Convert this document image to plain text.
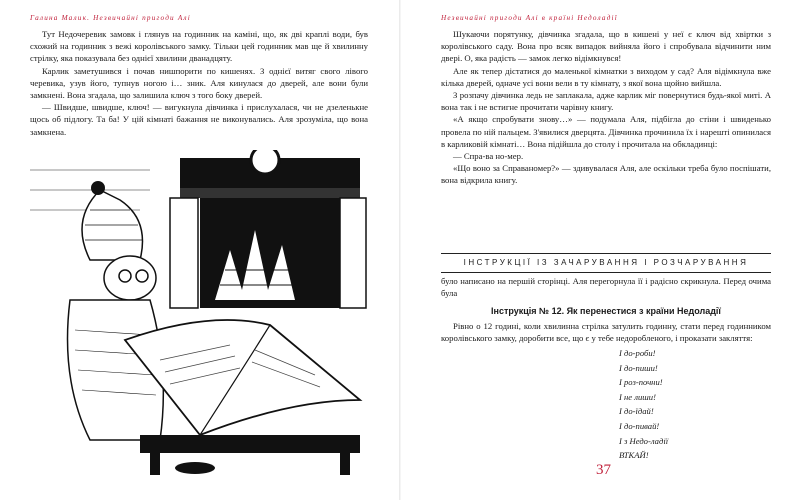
Галина Малик. Незвичайні пригоди Алі

Тут Недочеревик замовк і глянув на годинник на каміні, що, як дві краплі води, був схожий на годинник з вежі королівського замку. Тільки цей годинник мав ще й хвилинну стрілку, яка показувала без однієї хвилини дванадцяту.

Карлик заметушився і почав нишпорити по кишенях. З однієї витяг свого лівого черевика, узув його, тупнув ногою і… зник. Аля кинулася до дверей, але вони були замкнені. Вона згадала, що залишила ключ з того боку дверей.

— Швидше, швидше, ключ! — вигукнула дівчинка і прислухалася, чи не дзеленькне щось об підлогу. Та ба! У цій кімнаті бажання не виконувались. Аля зрозуміла, що вона замкнена.

Незвичайні пригоди Алі в країні Недоладії

Шукаючи порятунку, дівчинка згадала, що в кишені у неї є ключ від хвіртки з королівського саду. Вона про всяк випадок вийняла його і спробувала відчинити ним двері. О, яка радість — замок легко відімкнувся!

Але як тепер дістатися до маленької кімнатки з виходом у сад? Аля відімкнула вже кілька дверей, одначе усі вони вели в ту кімнату, з якої вона щойно вийшла.

З розпачу дівчинка ледь не заплакала, адже карлик міг повернутися будь-якої миті. А вона так і не встигне прочитати чарівну книгу.

«А якщо спробувати знову…» — подумала Аля, підбігла до стіни і швиденько провела по ній пальцем. З'явилися дверцята. Дівчинка прочинила їх і нарешті опинилася в карликовій кімнаті… Вона підійшла до столу і прочитала на обкладинці:

— Спра-ва но-мер.

«Що воно за Справаномер?» — здивувалася Аля, але оскільки треба було поспішати, вона відкрила книгу.

ІНСТРУКЦІЇ ІЗ ЗАЧАРУВАННЯ І РОЗЧАРУВАННЯ

було написано на першій сторінці. Аля перегорнула її і радісно скрикнула. Перед очима була

Інструкція № 12. Як перенестися з країни Недоладії

Рівно о 12 годині, коли хвилинна стрілка затулить годинну, стати перед годинником королівського замку, доробити все, що є у тебе недоробленого, і проказати закляття:

І до-роби!
І до-пиши!
І роз-почни!
І не лиши!
І до-їдай!
І до-пивай!
І з Недо-ладії
ВТКАЙ!
37
